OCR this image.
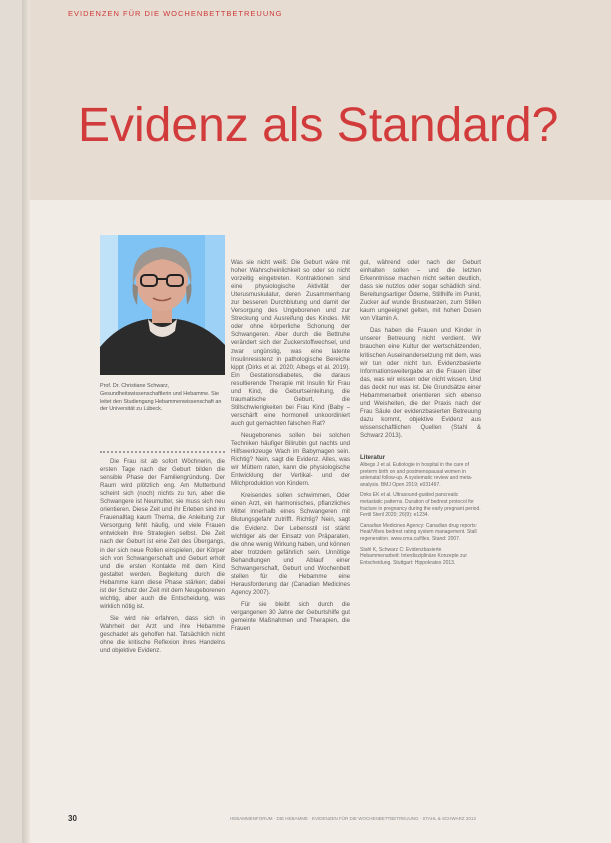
EVIDENZEN FÜR DIE WOCHENBETTBETREUUNG
Evidenz als Standard?
Prof. Dr. Christiane Schwarz, Gesundheitswissenschaftlerin und Hebamme. Sie leitet den Studiengang Hebammenwissenschaft an der Universität zu Lübeck.

Die Frau ist ab sofort Wöchnerin, die ersten Tage nach der Geburt bilden die sensible Phase der Familiengründung. Der Raum wird plötzlich eng. Am Mutterbund scheint sich (noch) nichts zu tun, aber die Schwangere ist Neumutter, sie muss sich neu orientieren. Diese Zeit und ihr Erleben sind im Frauenalltag kaum Thema, die Anleitung zur Versorgung fehlt häufig, und viele Frauen entwickeln ihre Strategien selbst. Die Zeit nach der Geburt ist eine Zeit des Übergangs, in der sich neue Rollen einspielen, der Körper sich von Schwangerschaft und Geburt erholt und die ersten Kontakte mit dem Kind gestaltet werden. Begleitung durch die Hebamme kann diese Phase stärken; dabei ist der Schutz der Zeit mit dem Neugeborenen wichtig, aber auch die Entscheidung, was wirklich nötig ist.

Sie wird nie erfahren, dass sich in Wahrheit der Arzt und ihre Hebamme geschadet als geholfen hat. Tatsächlich nicht ohne die kritische Reflexion ihres Handelns und objektive Evidenz.

Was sie nicht weiß: Die Geburt wäre mit hoher Wahrscheinlichkeit so oder so nicht vorzeitig eingetreten. Kontraktionen sind eine physiologische Aktivität der Uterusmuskulatur, deren Zusammenhang zur besseren Durchblutung und damit der Versorgung des Ungeborenen und zur Streckung und Ausreifung des Kindes. Mit oder ohne körperliche Schonung der Schwangeren. Aber durch die Bettruhe verändert sich der Zuckerstoffwechsel, und zwar ungünstig, was eine latente Insulinresistenz in pathologische Bereiche kippt (Dirks et al. 2020; Albegs et al. 2019). Ein Gestationsdiabetes, die daraus resultierende Therapie mit Insulin für Frau und Kind, die Geburtseinleitung, die traumatische Geburt, die Stillschwierigkeiten bei Frau Kind (Baby – verschärft eine hormonell unkoordiniert auch gut gemachten falschen Rat?

Neugeborenes sollen bei solchen Techniken häufiger Bilirubin gut nachts und Hilfswerkzeuge Wach im Babymagen sein. Richtig? Nein, sagt die Evidenz. Alles, was wir Müttern raten, kann die physiologische Entwicklung der Vertikal- und der Milchproduktion von Kindern.

Kreisendes sollen schwimmen, Oder einen Arzt, ein harmonisches, pflanzliches Mittel innerhalb eines Schwangeren mit Blutungsgefahr zutrifft. Richtig? Nein, sagt die Evidenz. Der Lebensstil ist stärkt wichtiger als der Einsatz von Präparaten, die ohne wenig Wirkung haben, und können aber trotzdem gefährlich sein. Unnötige Behandlungen und Ablauf einer Schwangerschaft, Geburt und Wochenbett stellen für die Hebamme eine Herausforderung dar (Canadian Medicines Agency 2007).

Für sie bleibt sich durch die vergangenen 30 Jahre der Geburtshilfe gut gemeinte Maßnahmen und Therapien, die Frauen

gut, während oder nach der Geburt einhalten sollen – und die letzten Erkenntnisse machen nicht selten deutlich, dass sie nutzlos oder sogar schädlich sind. Bereitungsartiger Ödeme, Stillhilfe im Punkt, Zucker auf wunde Brustwarzen, zum Stillen kaum ungeeignet gelten, mit hohen Dosen von Vitamin A.

Das haben die Frauen und Kinder in unserer Betreuung nicht verdient. Wir brauchen eine Kultur der wertschätzenden, kritischen Auseinandersetzung mit dem, was wir tun oder nicht tun. Evidenzbasierte Informationsweitergabe an die Frauen über das, was wir wissen oder nicht wissen. Und das deckt nur was ist. Die Grundsätze einer Hebammenarbeit orientieren sich ebenso und Weisheiten, die der Praxis nach der Frau Säule der evidenzbasierten Betreuung dazu kommt, objektive Evidenz aus wissenschaftlichen Quellen (Stahl & Schwarz 2013).

Literatur
Albegs J et al. Eutiologie in hospital in the care of preterm birth on and postmenopausal women in antenatal follow-up. A systematic review and meta-analysis. BMJ Open 2019; e031497.
Dirks EK et al. Ultrasound-guided pancreatic metastatic patterns. Duration of bedrest protocol for fracture in pregnancy during the early pregnant period. Fertil Steril 2020; 26(9): e1234.
Canadian Medicines Agency: Canadian drug reports: Heat/Vibes bedrest rating system management. Stall regeneration. www.cma.ca/files. Stand: 2007.
Stahl K, Schwarz C: Evidenzbasierte Hebammenarbeit: Interdisziplinäre Konzepte zur Entscheidung. Stuttgart: Hippokrates 2013.
30	HEBAMMENFORUM · DIE HEBAMME · EVIDENZEN FÜR DIE WOCHENBETTBETREUUNG · STAHL & SCHWARZ 2013
